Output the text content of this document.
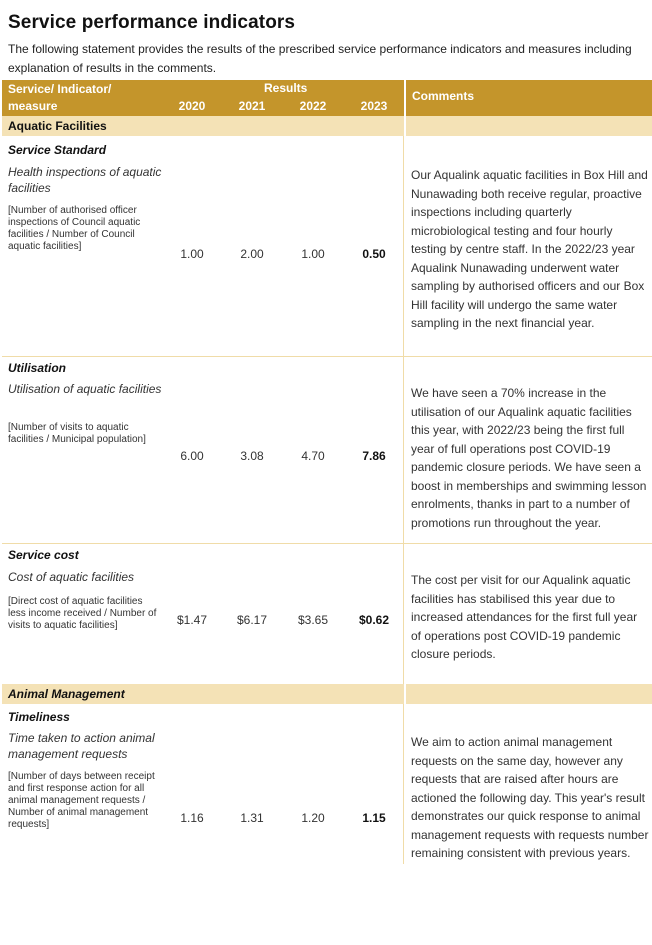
Service performance indicators
The following statement provides the results of the prescribed service performance indicators and measures including explanation of results in the comments.
Service/ Indicator/
measure
Results
2020	2021	2022	2023
Comments
Aquatic Facilities
Service Standard
Health inspections of aquatic facilities
[Number of authorised officer inspections of Council aquatic facilities / Number of Council aquatic facilities]
1.00	2.00	1.00	0.50
Our Aqualink aquatic facilities in Box Hill and Nunawading both receive regular, proactive inspections including quarterly microbiological testing and four hourly testing by centre staff. In the 2022/23 year Aqualink Nunawading underwent water sampling by authorised officers and our Box Hill facility will undergo the same water sampling in the next financial year.
Utilisation
Utilisation of aquatic facilities
[Number of visits to aquatic facilities / Municipal population]
6.00	3.08	4.70	7.86
We have seen a 70% increase in the utilisation of our Aqualink aquatic facilities this year, with 2022/23 being the first full year of full operations post COVID-19 pandemic closure periods. We have seen a boost in memberships and swimming lesson enrolments, thanks in part to a number of promotions run throughout the year.
Service cost
Cost of aquatic facilities
[Direct cost of aquatic facilities less income received / Number of visits to aquatic facilities]	$1.47	$6.17	$3.65	$0.62
The cost per visit for our Aqualink aquatic facilities has stabilised this year due to increased attendances for the first full year of operations post COVID-19 pandemic closure periods.
Animal Management
Timeliness
Time taken to action animal management requests
[Number of days between receipt and first response action for all animal management requests / Number of animal management requests]	1.16	1.31	1.20	1.15
We aim to action animal management requests on the same day, however any requests that are raised after hours are actioned the following day. This year's result demonstrates our quick response to animal management requests with requests number remaining consistent with previous years.
